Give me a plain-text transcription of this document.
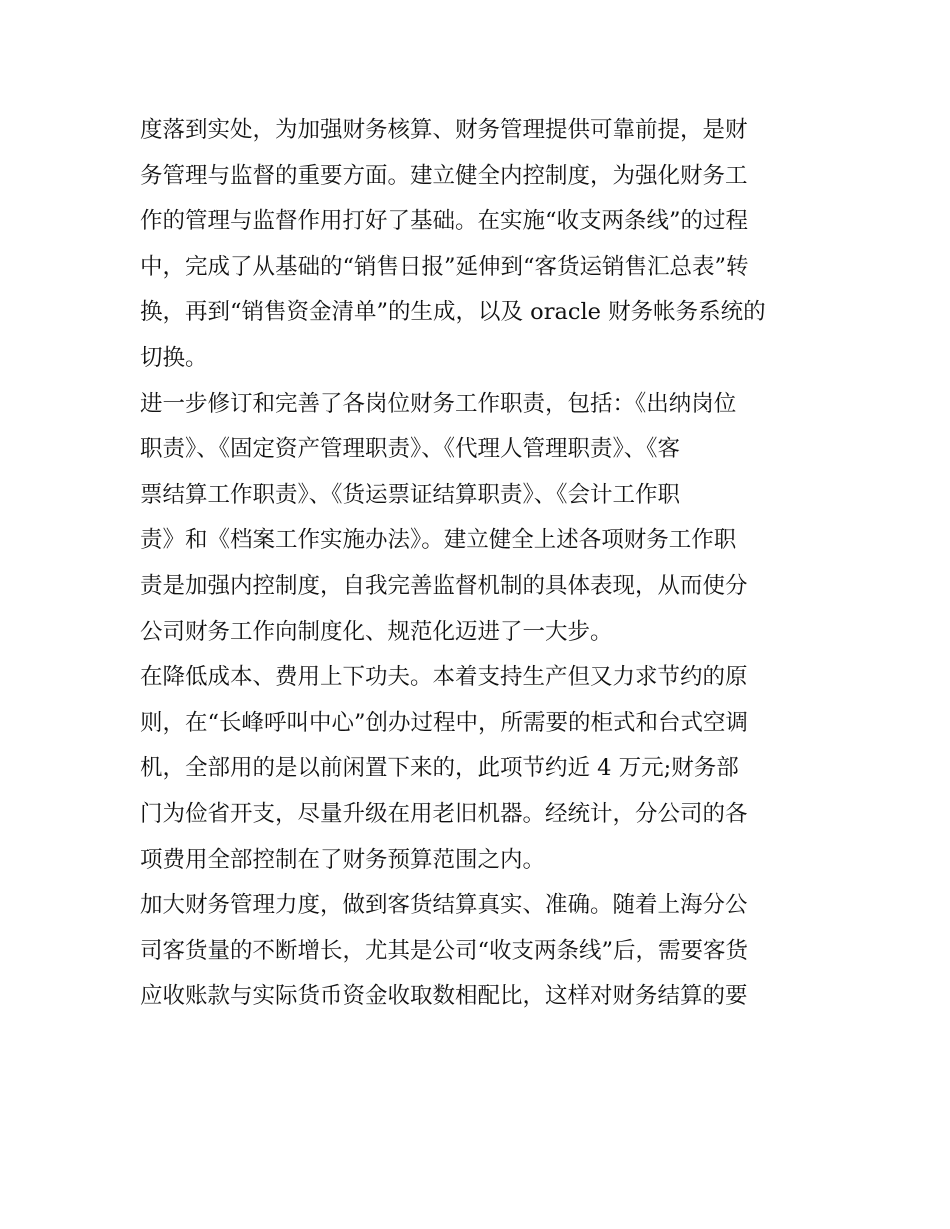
度落到实处，为加强财务核算、财务管理提供可靠前提，是财
务管理与监督的重要方面。建立健全内控制度，为强化财务工
作的管理与监督作用打好了基础。在实施“收支两条线”的过程
中，完成了从基础的“销售日报”延伸到“客货运销售汇总表”转
换，再到“销售资金清单”的生成，以及 oracle 财务帐务系统的
切换。
进一步修订和完善了各岗位财务工作职责，包括：《出纳岗位
职责》、《固定资产管理职责》、《代理人管理职责》、《客
票结算工作职责》、《货运票证结算职责》、《会计工作职
责》和《档案工作实施办法》。建立健全上述各项财务工作职
责是加强内控制度，自我完善监督机制的具体表现，从而使分
公司财务工作向制度化、规范化迈进了一大步。
在降低成本、费用上下功夫。本着支持生产但又力求节约的原
则，在“长峰呼叫中心”创办过程中，所需要的柜式和台式空调
机，全部用的是以前闲置下来的，此项节约近 4 万元;财务部
门为俭省开支，尽量升级在用老旧机器。经统计，分公司的各
项费用全部控制在了财务预算范围之内。
加大财务管理力度，做到客货结算真实、准确。随着上海分公
司客货量的不断增长，尤其是公司“收支两条线”后，需要客货
应收账款与实际货币资金收取数相配比，这样对财务结算的要
